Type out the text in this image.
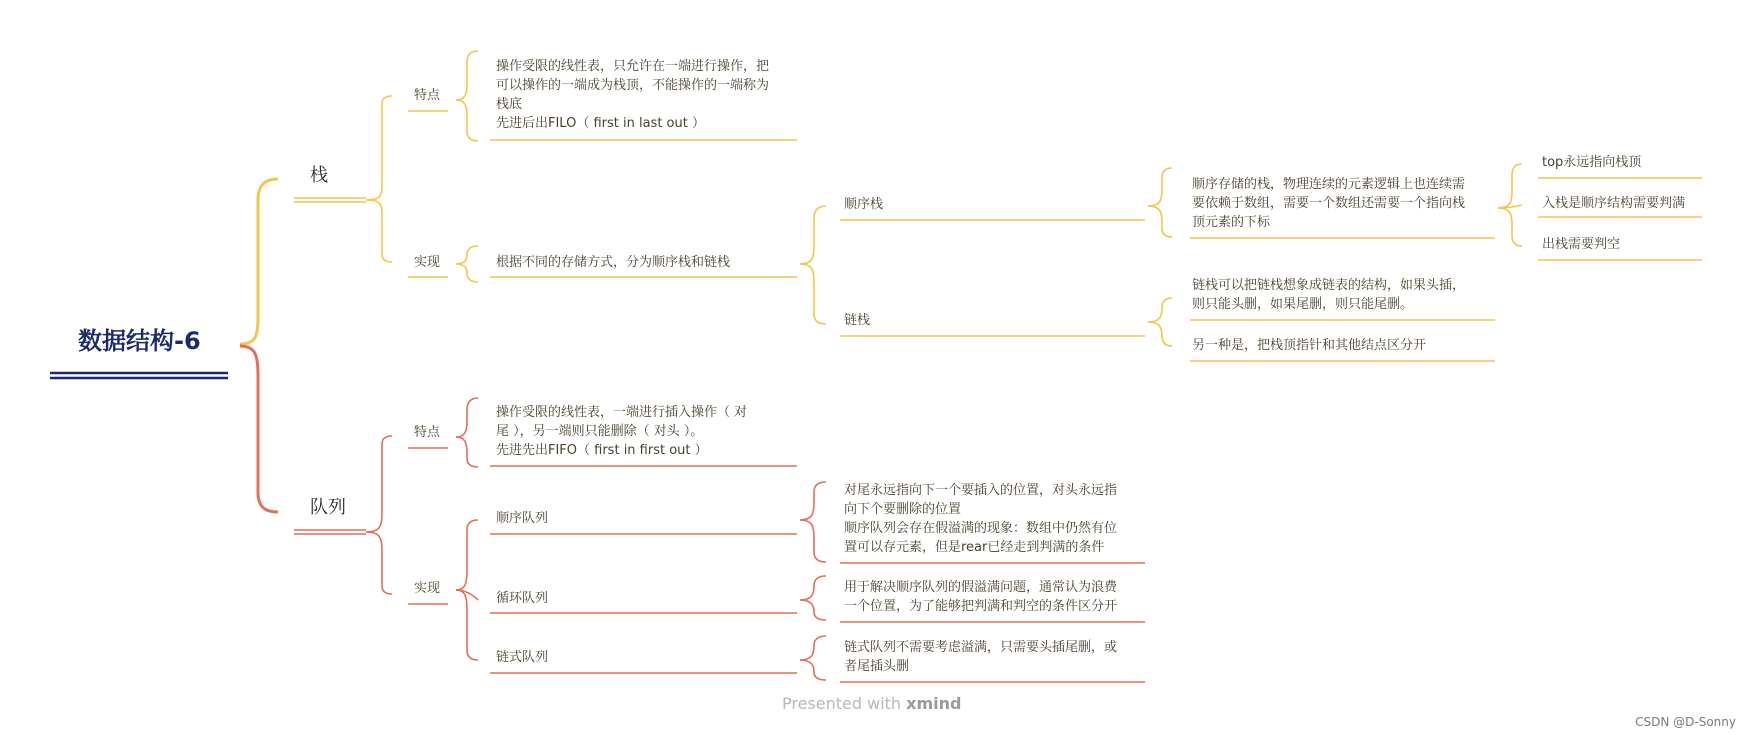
数据结构-6
栈
特点
操作受限的线性表，只允许在一端进行操作，把
可以操作的一端成为栈顶，不能操作的一端称为
栈底
先进后出FILO（ first in last out ）
实现	根据不同的存储方式，分为顺序栈和链栈
顺序栈
顺序存储的栈，物理连续的元素逻辑上也连续需
要依赖于数组，需要一个数组还需要一个指向栈
顶元素的下标
top永远指向栈顶
入栈是顺序结构需要判满
出栈需要判空
链栈
链栈可以把链栈想象成链表的结构，如果头插，
则只能头删，如果尾删，则只能尾删。
另一种是，把栈顶指针和其他结点区分开
队列
特点
操作受限的线性表，一端进行插入操作（ 对
尾 ），另一端则只能删除（ 对头 ）。
先进先出FIFO（ first in first out ）
实现
顺序队列
对尾永远指向下一个要插入的位置，对头永远指
向下个要删除的位置
顺序队列会存在假溢满的现象：数组中仍然有位
置可以存元素，但是rear已经走到判满的条件
循环队列
用于解决顺序队列的假溢满问题，通常认为浪费
一个位置，为了能够把判满和判空的条件区分开
链式队列
链式队列不需要考虑溢满，只需要头插尾删，或
者尾插头删
Presented with xmind
CSDN @D-Sonny
